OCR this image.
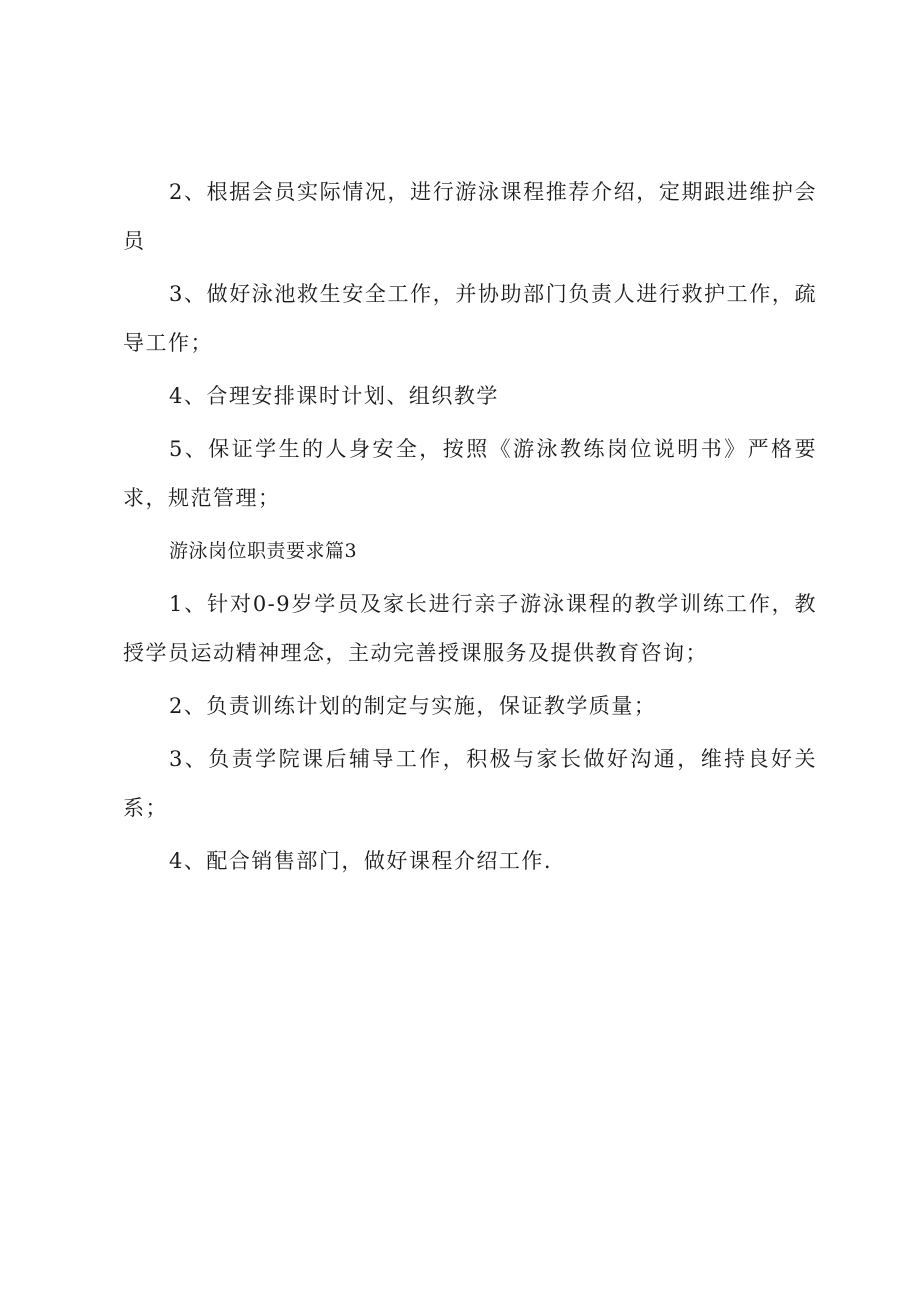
2、根据会员实际情况，进行游泳课程推荐介绍，定期跟进维护会员

3、做好泳池救生安全工作，并协助部门负责人进行救护工作，疏导工作；

4、合理安排课时计划、组织教学

5、保证学生的人身安全，按照《游泳教练岗位说明书》严格要求，规范管理；

游泳岗位职责要求篇3

1、针对0-9岁学员及家长进行亲子游泳课程的教学训练工作，教授学员运动精神理念，主动完善授课服务及提供教育咨询；

2、负责训练计划的制定与实施，保证教学质量；

3、负责学院课后辅导工作，积极与家长做好沟通，维持良好关系；

4、配合销售部门，做好课程介绍工作.
